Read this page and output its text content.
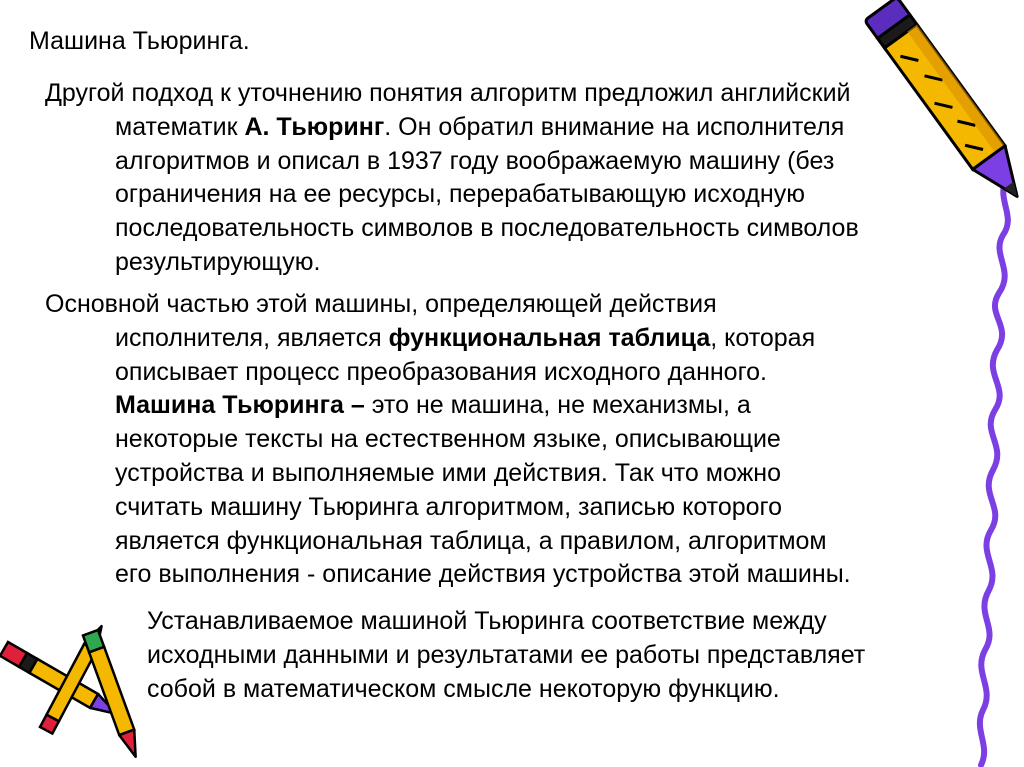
Машина Тьюринга.
Другой подход к уточнению понятия алгоритм предложил английский
математик А. Тьюринг. Он обратил внимание на исполнителя
алгоритмов и описал в 1937 году воображаемую машину (без
ограничения на ее ресурсы, перерабатывающую исходную
последовательность символов в последовательность символов
результирующую.
Основной частью этой машины, определяющей действия
исполнителя, является функциональная таблица, которая
описывает процесс преобразования исходного данного.
Машина Тьюринга – это не машина, не механизмы, а
некоторые тексты на естественном языке, описывающие
устройства и выполняемые ими действия. Так что можно
считать машину Тьюринга алгоритмом, записью которого
является функциональная таблица, а правилом, алгоритмом
его выполнения - описание действия устройства этой машины.
Устанавливаемое машиной Тьюринга соответствие между
исходными данными и результатами ее работы представляет
собой в математическом смысле некоторую функцию.
